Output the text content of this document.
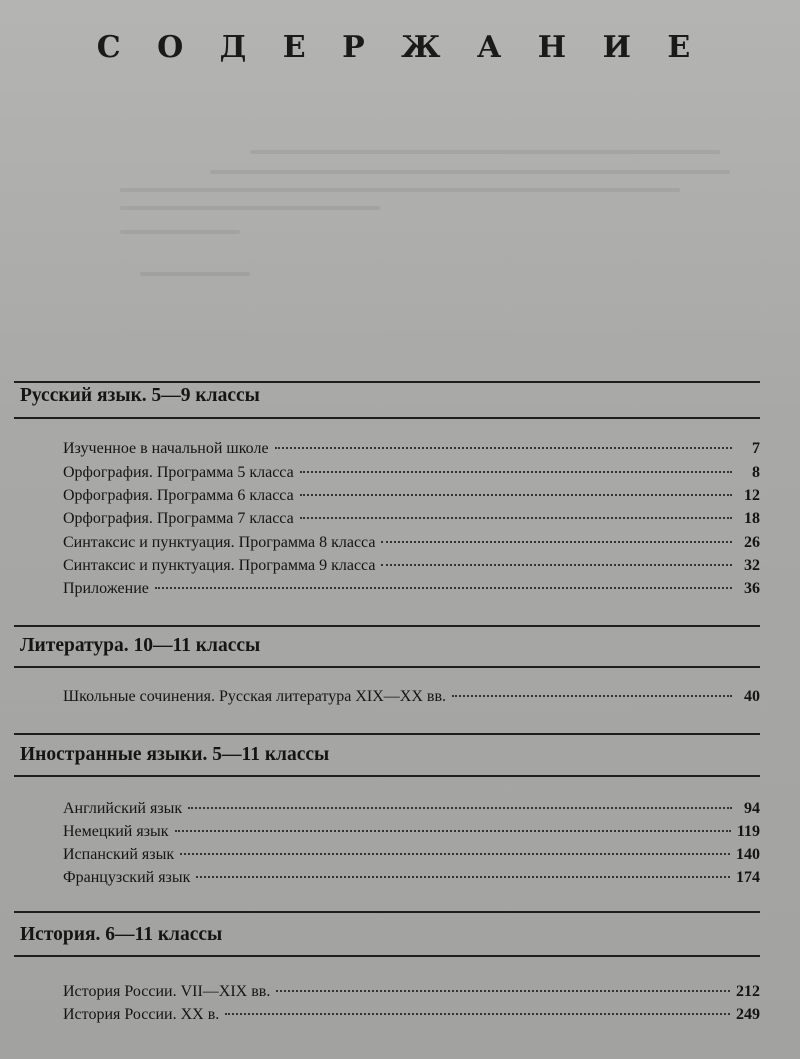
С О Д Е Р Ж А Н И Е
Русский язык. 5—9 классы
Изученное в начальной школе	7
Орфография. Программа 5 класса	8
Орфография. Программа 6 класса	12
Орфография. Программа 7 класса	18
Синтаксис и пунктуация. Программа 8 класса	26
Синтаксис и пунктуация. Программа 9 класса	32
Приложение	36
Литература. 10—11 классы
Школьные сочинения. Русская литература XIX—XX вв.	40
Иностранные языки. 5—11 классы
Английский язык	94
Немецкий язык	119
Испанский язык	140
Французский язык	174
История. 6—11 классы
История России. VII—XIX вв.	212
История России. XX в.	249
